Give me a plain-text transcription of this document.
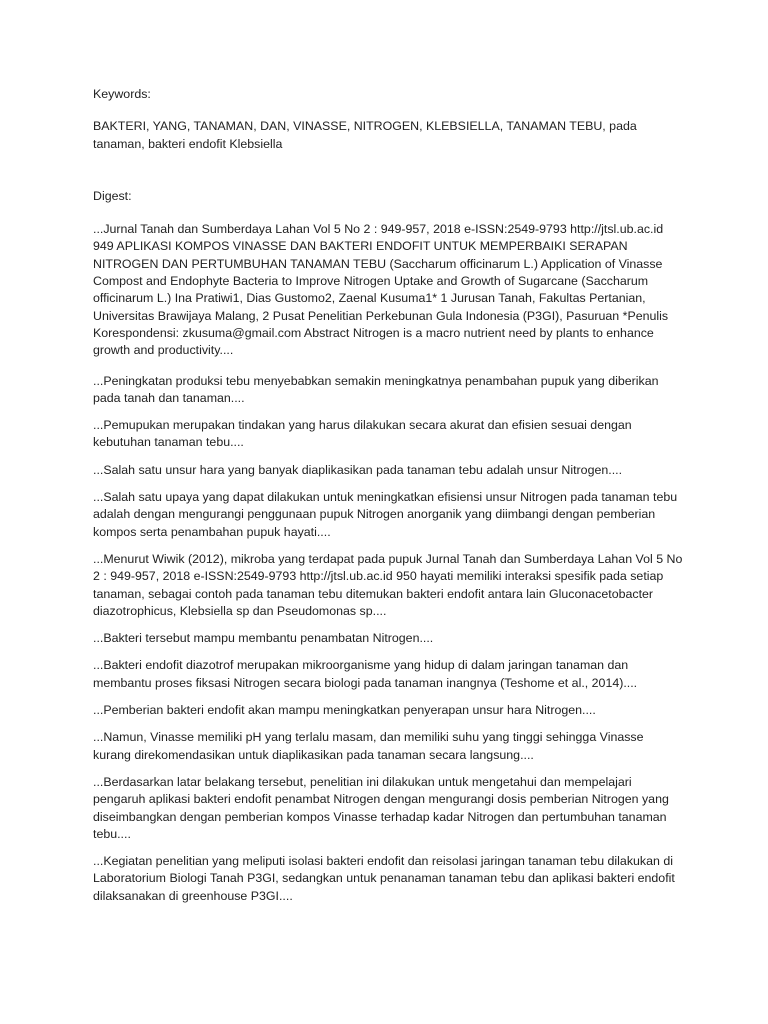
Keywords:

BAKTERI, YANG, TANAMAN, DAN, VINASSE, NITROGEN, KLEBSIELLA, TANAMAN TEBU, pada tanaman, bakteri endofit Klebsiella

Digest:

...Jurnal Tanah dan Sumberdaya Lahan Vol 5 No 2 : 949-957, 2018 e-ISSN:2549-9793 http://jtsl.ub.ac.id 949 APLIKASI KOMPOS VINASSE DAN BAKTERI ENDOFIT UNTUK MEMPERBAIKI SERAPAN NITROGEN DAN PERTUMBUHAN TANAMAN TEBU (Saccharum officinarum L.) Application of Vinasse Compost and Endophyte Bacteria to Improve Nitrogen Uptake and Growth of Sugarcane (Saccharum officinarum L.) Ina Pratiwi1, Dias Gustomo2, Zaenal Kusuma1* 1 Jurusan Tanah, Fakultas Pertanian, Universitas Brawijaya Malang, 2 Pusat Penelitian Perkebunan Gula Indonesia (P3GI), Pasuruan *Penulis Korespondensi: zkusuma@gmail.com Abstract Nitrogen is a macro nutrient need by plants to enhance growth and productivity....

...Peningkatan produksi tebu menyebabkan semakin meningkatnya penambahan pupuk yang diberikan pada tanah dan tanaman....

...Pemupukan merupakan tindakan yang harus dilakukan secara akurat dan efisien sesuai dengan kebutuhan tanaman tebu....

...Salah satu unsur hara yang banyak diaplikasikan pada tanaman tebu adalah unsur Nitrogen....

...Salah satu upaya yang dapat dilakukan untuk meningkatkan efisiensi unsur Nitrogen pada tanaman tebu adalah dengan mengurangi penggunaan pupuk Nitrogen anorganik yang diimbangi dengan pemberian kompos serta penambahan pupuk hayati....

...Menurut Wiwik (2012), mikroba yang terdapat pada pupuk Jurnal Tanah dan Sumberdaya Lahan Vol 5 No 2 : 949-957, 2018 e-ISSN:2549-9793 http://jtsl.ub.ac.id 950 hayati memiliki interaksi spesifik pada setiap tanaman, sebagai contoh pada tanaman tebu ditemukan bakteri endofit antara lain Gluconacetobacter diazotrophicus, Klebsiella sp dan Pseudomonas sp....

...Bakteri tersebut mampu membantu penambatan Nitrogen....

...Bakteri endofit diazotrof merupakan mikroorganisme yang hidup di dalam jaringan tanaman dan membantu proses fiksasi Nitrogen secara biologi pada tanaman inangnya (Teshome et al., 2014)....

...Pemberian bakteri endofit akan mampu meningkatkan penyerapan unsur hara Nitrogen....

...Namun, Vinasse memiliki pH yang terlalu masam, dan memiliki suhu yang tinggi sehingga Vinasse kurang direkomendasikan untuk diaplikasikan pada tanaman secara langsung....

...Berdasarkan latar belakang tersebut, penelitian ini dilakukan untuk mengetahui dan mempelajari pengaruh aplikasi bakteri endofit penambat Nitrogen dengan mengurangi dosis pemberian Nitrogen yang diseimbangkan dengan pemberian kompos Vinasse terhadap kadar Nitrogen dan pertumbuhan tanaman tebu....

...Kegiatan penelitian yang meliputi isolasi bakteri endofit dan reisolasi jaringan tanaman tebu dilakukan di Laboratorium Biologi Tanah P3GI, sedangkan untuk penanaman tanaman tebu dan aplikasi bakteri endofit dilaksanakan di greenhouse P3GI....
